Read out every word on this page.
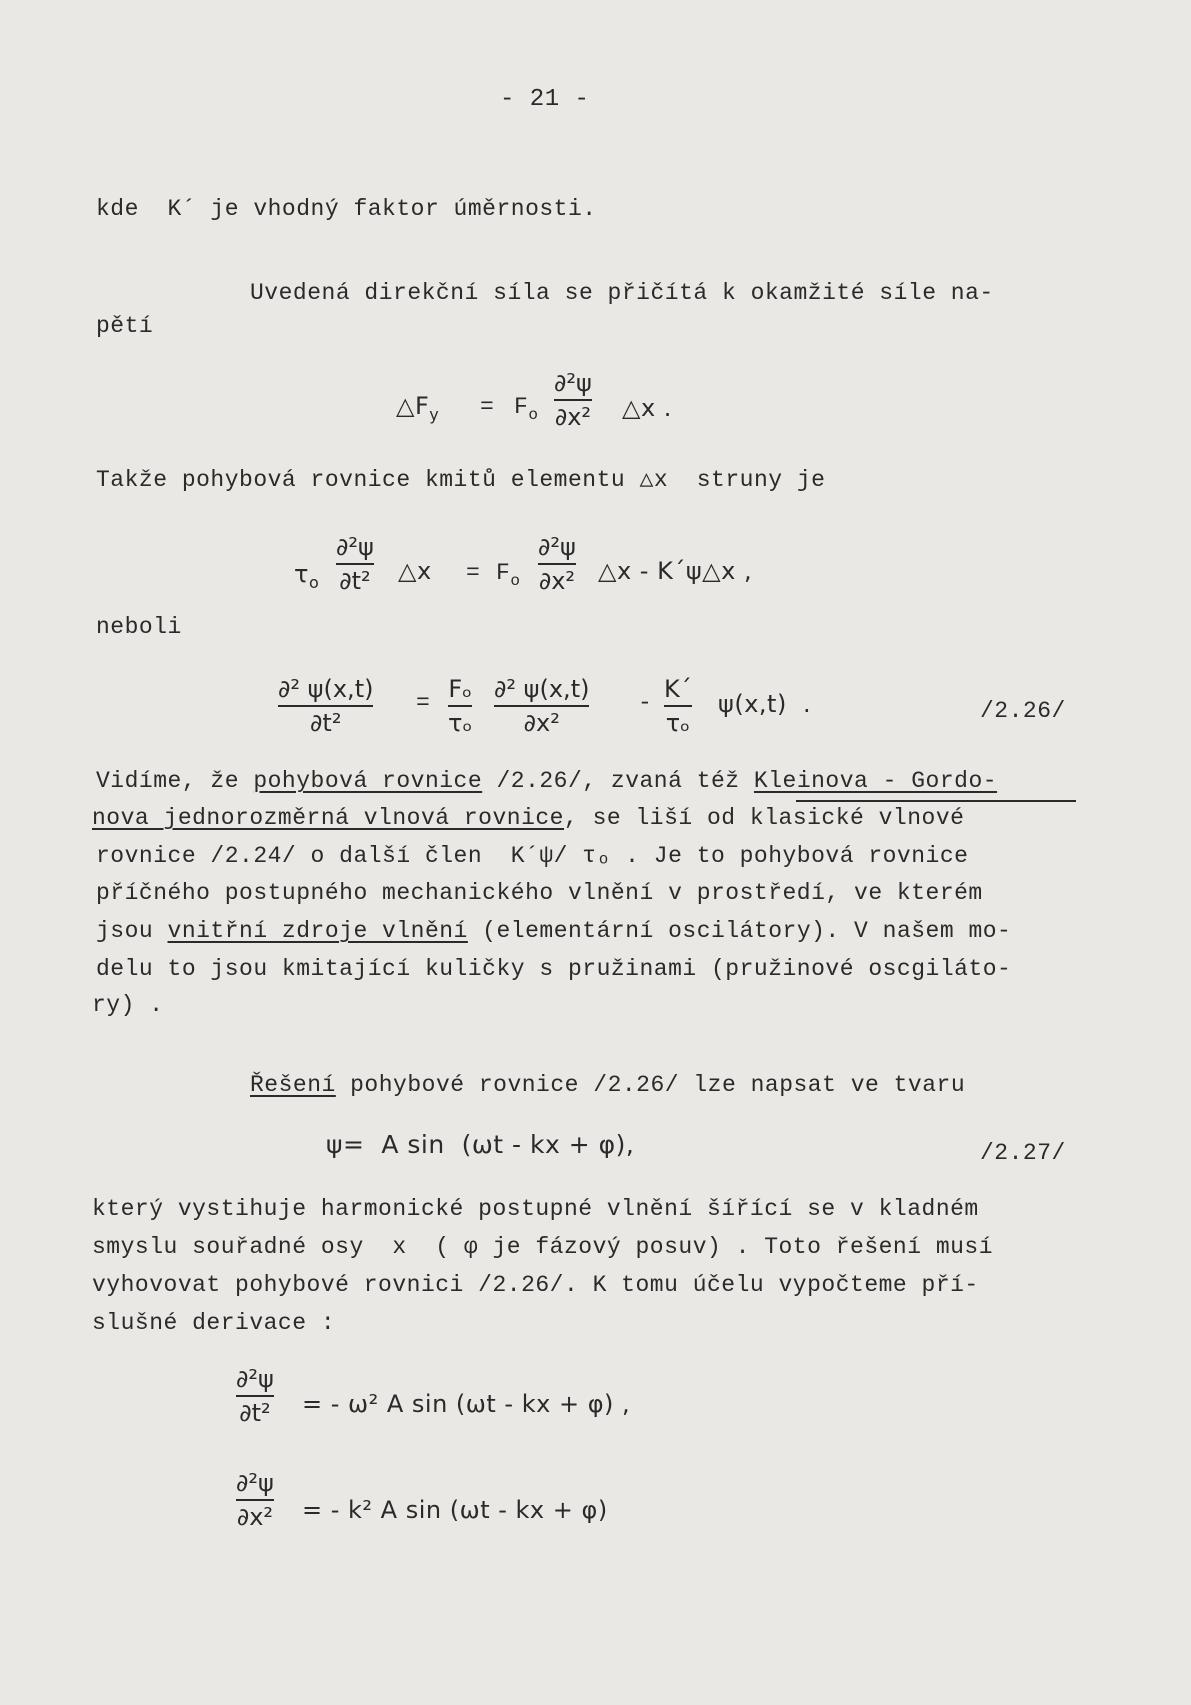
- 21 -
kde  K´ je vhodný faktor úměrnosti.
Uvedená direkční síla se přičítá k okamžité síle na-
pětí
$\triangle F_y = F_o$
∂²ψ
∂x² △x .
Takže pohybová rovnice kmitů elementu △x  struny je
$\tau_o$
∂²ψ
∂t² △x = $F_o$
∂²ψ
∂x² △x - K´ψ△x ,
neboli
∂² ψ(x,t)
∂t²
= Fₒ
τₒ
∂² ψ(x,t)
∂x²
- K´
τₒ
ψ(x,t)  .	/2.26/
Vidíme, že pohybová rovnice /2.26/, zvaná též Kleinova - Gordo-
nova jednorozměrná vlnová rovnice, se liší od klasické vlnové
rovnice /2.24/ o další člen  K´ψ/ τₒ . Je to pohybová rovnice
příčného postupného mechanického vlnění v prostředí, ve kterém
jsou vnitřní zdroje vlnění (elementární oscilátory). V našem mo-
delu to jsou kmitající kuličky s pružinami (pružinové oscgiláto-
ry) .
Řešení pohybové rovnice /2.26/ lze napsat ve tvaru
ψ=  A sin  (ωt - kx + φ),	/2.27/
který vystihuje harmonické postupné vlnění šířící se v kladném
smyslu souřadné osy  x  ( φ je fázový posuv) . Toto řešení musí
vyhovovat pohybové rovnici /2.26/. K tomu účelu vypočteme pří-
slušné derivace :
∂²ψ
∂t² = - ω² A sin (ωt - kx + φ) ,
∂²ψ
∂x² = - k² A sin (ωt - kx + φ)
